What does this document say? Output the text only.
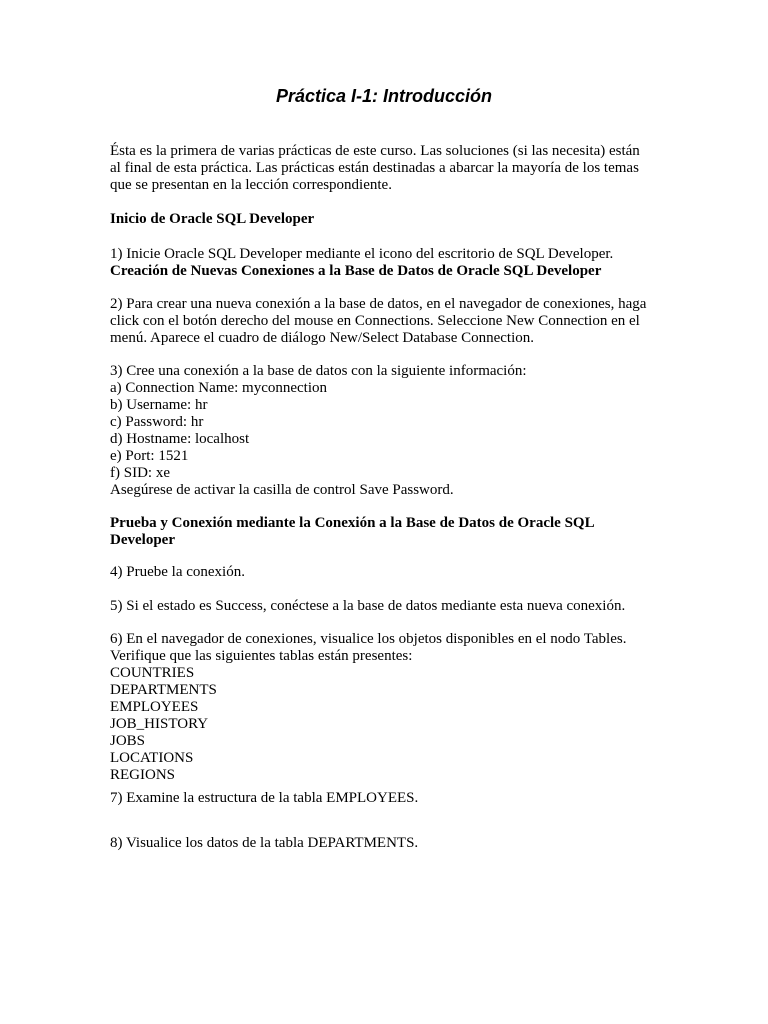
Práctica I-1: Introducción

Ésta es la primera de varias prácticas de este curso. Las soluciones (si las necesita) están
al final de esta práctica. Las prácticas están destinadas a abarcar la mayoría de los temas
que se presentan en la lección correspondiente.

Inicio de Oracle SQL Developer

1) Inicie Oracle SQL Developer mediante el icono del escritorio de SQL Developer.

Creación de Nuevas Conexiones a la Base de Datos de Oracle SQL Developer

2) Para crear una nueva conexión a la base de datos, en el navegador de conexiones, haga
click con el botón derecho del mouse en Connections. Seleccione New Connection en el
menú. Aparece el cuadro de diálogo New/Select Database Connection.

3) Cree una conexión a la base de datos con la siguiente información:
a) Connection Name: myconnection
b) Username: hr
c) Password: hr
d) Hostname: localhost
e) Port: 1521
f) SID: xe
Asegúrese de activar la casilla de control Save Password.

Prueba y Conexión mediante la Conexión a la Base de Datos de Oracle SQL
Developer

4) Pruebe la conexión.

5) Si el estado es Success, conéctese a la base de datos mediante esta nueva conexión.

6) En el navegador de conexiones, visualice los objetos disponibles en el nodo Tables.
Verifique que las siguientes tablas están presentes:
COUNTRIES
DEPARTMENTS
EMPLOYEES
JOB_HISTORY
JOBS
LOCATIONS
REGIONS

7) Examine la estructura de la tabla EMPLOYEES.

8) Visualice los datos de la tabla DEPARTMENTS.
